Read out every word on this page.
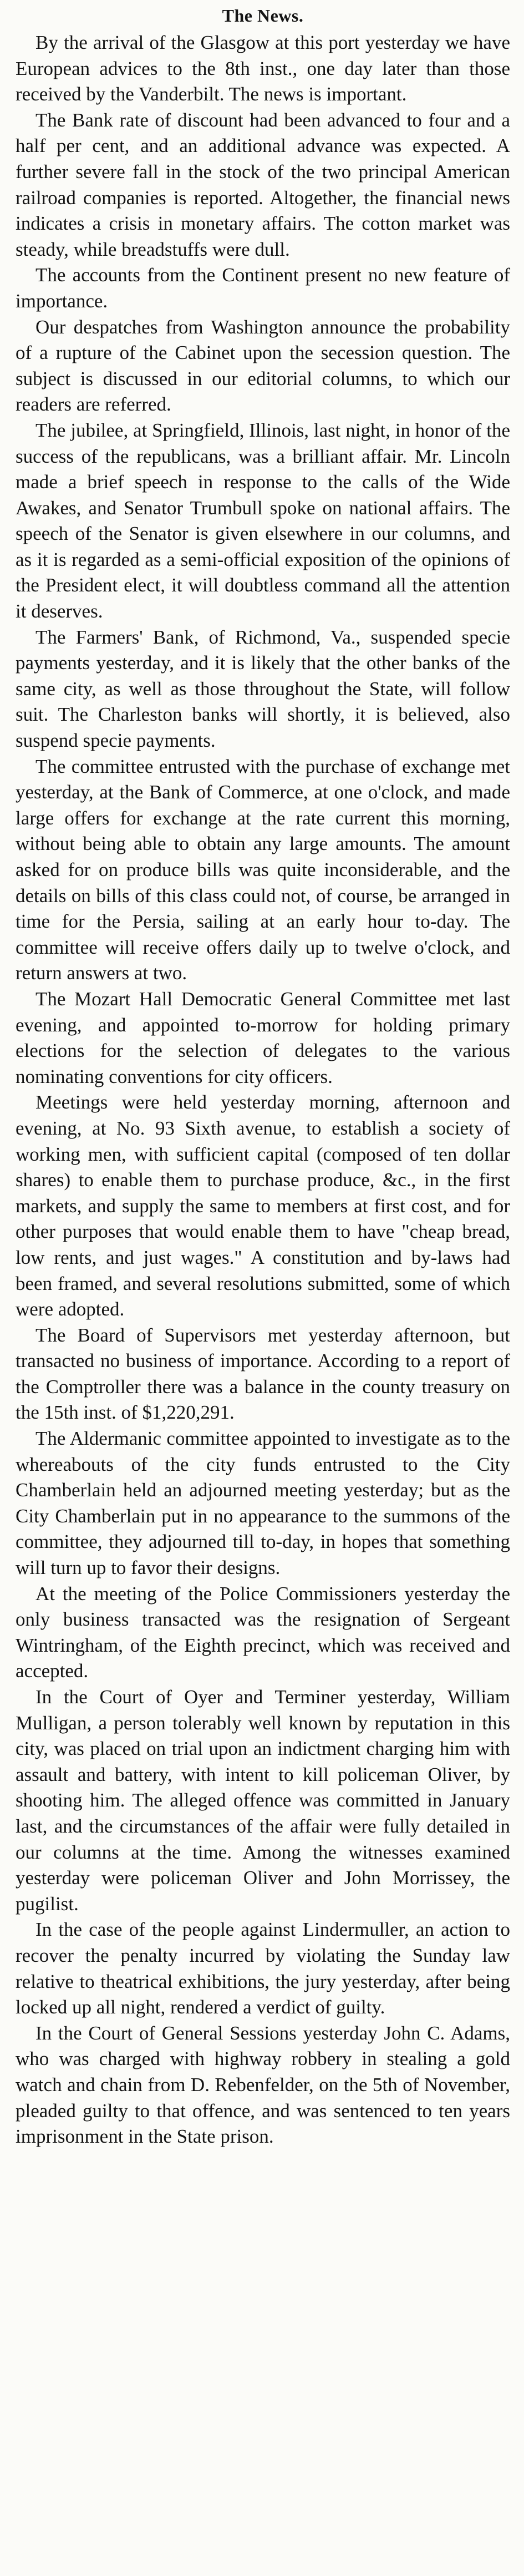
The News.

By the arrival of the Glasgow at this port yesterday we have European advices to the 8th inst., one day later than those received by the Vanderbilt. The news is important.

The Bank rate of discount had been advanced to four and a half per cent, and an additional advance was expected. A further severe fall in the stock of the two principal American railroad companies is reported. Altogether, the financial news indicates a crisis in monetary affairs. The cotton market was steady, while breadstuffs were dull.

The accounts from the Continent present no new feature of importance.

Our despatches from Washington announce the probability of a rupture of the Cabinet upon the secession question. The subject is discussed in our editorial columns, to which our readers are referred.

The jubilee, at Springfield, Illinois, last night, in honor of the success of the republicans, was a brilliant affair. Mr. Lincoln made a brief speech in response to the calls of the Wide Awakes, and Senator Trumbull spoke on national affairs. The speech of the Senator is given elsewhere in our columns, and as it is regarded as a semi-official exposition of the opinions of the President elect, it will doubtless command all the attention it deserves.

The Farmers' Bank, of Richmond, Va., suspended specie payments yesterday, and it is likely that the other banks of the same city, as well as those throughout the State, will follow suit. The Charleston banks will shortly, it is believed, also suspend specie payments.

The committee entrusted with the purchase of exchange met yesterday, at the Bank of Commerce, at one o'clock, and made large offers for exchange at the rate current this morning, without being able to obtain any large amounts. The amount asked for on produce bills was quite inconsiderable, and the details on bills of this class could not, of course, be arranged in time for the Persia, sailing at an early hour to-day. The committee will receive offers daily up to twelve o'clock, and return answers at two.

The Mozart Hall Democratic General Committee met last evening, and appointed to-morrow for holding primary elections for the selection of delegates to the various nominating conventions for city officers.

Meetings were held yesterday morning, afternoon and evening, at No. 93 Sixth avenue, to establish a society of working men, with sufficient capital (composed of ten dollar shares) to enable them to purchase produce, &c., in the first markets, and supply the same to members at first cost, and for other purposes that would enable them to have "cheap bread, low rents, and just wages." A constitution and by-laws had been framed, and several resolutions submitted, some of which were adopted.

The Board of Supervisors met yesterday afternoon, but transacted no business of importance. According to a report of the Comptroller there was a balance in the county treasury on the 15th inst. of $1,220,291.

The Aldermanic committee appointed to investigate as to the whereabouts of the city funds entrusted to the City Chamberlain held an adjourned meeting yesterday; but as the City Chamberlain put in no appearance to the summons of the committee, they adjourned till to-day, in hopes that something will turn up to favor their designs.

At the meeting of the Police Commissioners yesterday the only business transacted was the resignation of Sergeant Wintringham, of the Eighth precinct, which was received and accepted.

In the Court of Oyer and Terminer yesterday, William Mulligan, a person tolerably well known by reputation in this city, was placed on trial upon an indictment charging him with assault and battery, with intent to kill policeman Oliver, by shooting him. The alleged offence was committed in January last, and the circumstances of the affair were fully detailed in our columns at the time. Among the witnesses examined yesterday were policeman Oliver and John Morrissey, the pugilist.

In the case of the people against Lindermuller, an action to recover the penalty incurred by violating the Sunday law relative to theatrical exhibitions, the jury yesterday, after being locked up all night, rendered a verdict of guilty.

In the Court of General Sessions yesterday John C. Adams, who was charged with highway robbery in stealing a gold watch and chain from D. Rebenfelder, on the 5th of November, pleaded guilty to that offence, and was sentenced to ten years imprisonment in the State prison.
